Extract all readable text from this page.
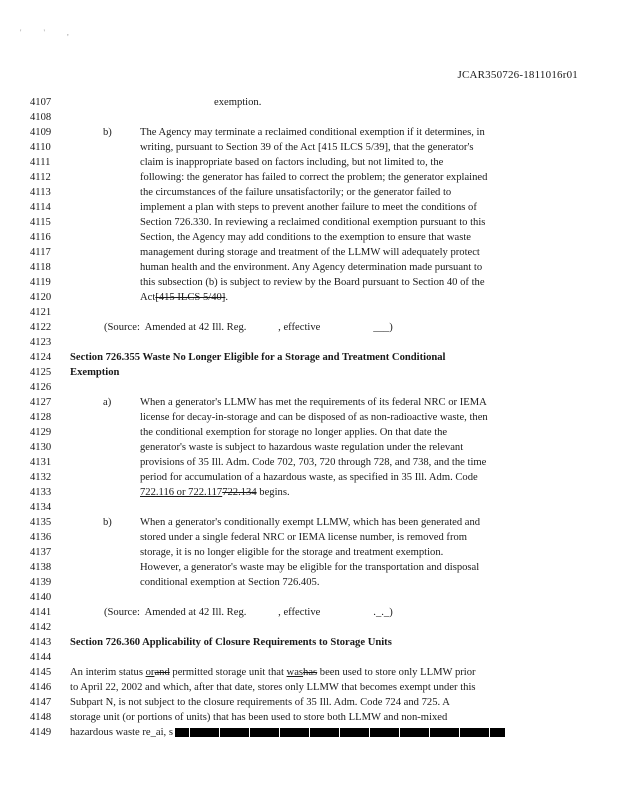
' ' ,
JCAR350726-1811016r01
4107	exemption.
4108
4109	b)	The Agency may terminate a reclaimed conditional exemption if it determines, in
4110	writing, pursuant to Section 39 of the Act [415 ILCS 5/39], that the generator's
4111	claim is inappropriate based on factors including, but not limited to, the
4112	following: the generator has failed to correct the problem; the generator explained
4113	the circumstances of the failure unsatisfactorily; or the generator failed to
4114	implement a plan with steps to prevent another failure to meet the conditions of
4115	Section 726.330. In reviewing a reclaimed conditional exemption pursuant to this
4116	Section, the Agency may add conditions to the exemption to ensure that waste
4117	management during storage and treatment of the LLMW will adequately protect
4118	human health and the environment. Any Agency determination made pursuant to
4119	this subsection (b) is subject to review by the Board pursuant to Section 40 of the
4120	Act[415 ILCS 5/40].
4121
4122	(Source:  Amended at 42 Ill. Reg.            , effective                    ___)
4123
4124	Section 726.355 Waste No Longer Eligible for a Storage and Treatment Conditional
4125	Exemption
4126
4127	a)	When a generator's LLMW has met the requirements of its federal NRC or IEMA
4128	license for decay-in-storage and can be disposed of as non-radioactive waste, then
4129	the conditional exemption for storage no longer applies. On that date the
4130	generator's waste is subject to hazardous waste regulation under the relevant
4131	provisions of 35 Ill. Adm. Code 702, 703, 720 through 728, and 738, and the time
4132	period for accumulation of a hazardous waste, as specified in 35 Ill. Adm. Code
4133	722.116 or 722.117722.134 begins.
4134
4135	b)	When a generator's conditionally exempt LLMW, which has been generated and
4136	stored under a single federal NRC or IEMA license number, is removed from
4137	storage, it is no longer eligible for the storage and treatment exemption.
4138	However, a generator's waste may be eligible for the transportation and disposal
4139	conditional exemption at Section 726.405.
4140
4141	(Source:  Amended at 42 Ill. Reg.            , effective                    ._._)
4142
4143	Section 726.360 Applicability of Closure Requirements to Storage Units
4144
4145	An interim status orand permitted storage unit that washas been used to store only LLMW prior
4146	to April 22, 2002 and which, after that date, stores only LLMW that becomes exempt under this
4147	Subpart N, is not subject to the closure requirements of 35 Ill. Adm. Code 724 and 725. A
4148	storage unit (or portions of units) that has been used to store both LLMW and non-mixed
4149	hazardous waste re_ai, s
